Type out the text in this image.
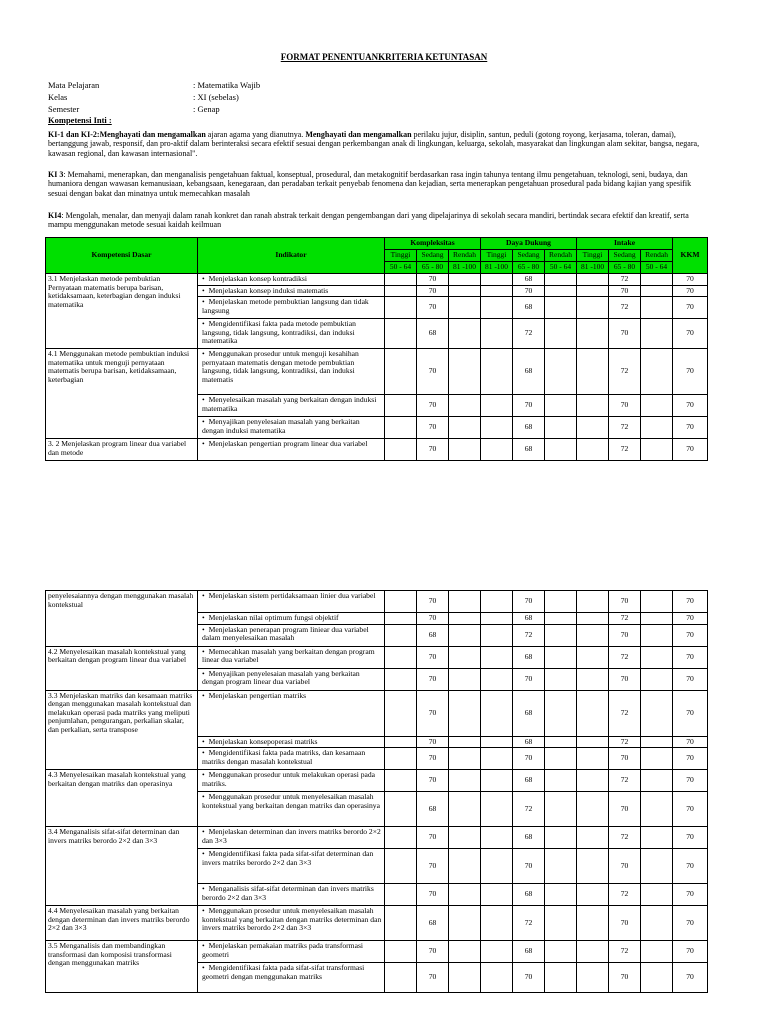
FORMAT PENENTUANKRITERIA KETUNTASAN
Mata Pelajaran	: Matematika Wajib
Kelas	: XI (sebelas)
Semester	: Genap
Kompetensi Inti :
KI-1 dan KI-2:Menghayati dan mengamalkan ajaran agama yang dianutnya. Menghayati dan mengamalkan perilaku jujur, disiplin, santun, peduli (gotong royong, kerjasama, toleran, damai), bertanggung jawab, responsif, dan pro-aktif dalam berinteraksi secara efektif sesuai dengan perkembangan anak di lingkungan, keluarga, sekolah, masyarakat dan lingkungan alam sekitar, bangsa, negara, kawasan regional, dan kawasan internasional".
KI 3: Memahami, menerapkan, dan menganalisis pengetahuan faktual, konseptual, prosedural, dan metakognitif berdasarkan rasa ingin tahunya tentang ilmu pengetahuan, teknologi, seni, budaya, dan humaniora dengan wawasan kemanusiaan, kebangsaan, kenegaraan, dan peradaban terkait penyebab fenomena dan kejadian, serta menerapkan pengetahuan prosedural pada bidang kajian yang spesifik sesuai dengan bakat dan minatnya untuk memecahkan masalah
KI4: Mengolah, menalar, dan menyaji dalam ranah konkret dan ranah abstrak terkait dengan pengembangan dari yang dipelajarinya di sekolah secara mandiri, bertindak secara efektif dan kreatif, serta mampu menggunakan metode sesuai kaidah keilmuan
Kompetensi Dasar	Indikator	Kompleksitas			Daya Dukung			Intake			KKM
		Tinggi	Sedang	Rendah	Tinggi	Sedang	Rendah	Tinggi	Sedang	Rendah	
		50 - 64	65 - 80	81 -100	81 -100	65 - 80	50 - 64	81 -100	65 - 80	50 - 64	
3.1 Menjelaskan metode pembuktian Pernyataan matematis berupa barisan, ketidaksamaan, keterbagian dengan induksi matematika	• Menjelaskan konsep kontradiksi		70			68			72		70
	• Menjelaskan konsep induksi matematis		70			70			70		70
	• Menjelaskan metode pembuktian langsung dan tidak langsung		70			68			72		70
	• Mengidentifikasi fakta pada metode pembuktian langsung, tidak langsung, kontradiksi, dan induksi matematika		68			72			70		70
4.1 Menggunakan metode pembuktian induksi matematika untuk menguji pernyataan matematis berupa barisan, ketidaksamaan, keterbagian	• Menggunakan prosedur untuk menguji kesahihan pernyataan matematis dengan metode pembuktian langsung, tidak langsung, kontradiksi, dan induksi matematis		70			68			72		70
	• Menyelesaikan masalah yang berkaitan dengan induksi matematika		70			70			70		70
	• Menyajikan penyelesaian masalah yang berkaitan dengan induksi matematika		70			68			72		70
3. 2 Menjelaskan program linear dua variabel dan metode	• Menjelaskan pengertian program linear dua variabel		70			68			72		70
penyelesaiannya dengan menggunakan masalah kontekstual	• Menjelaskan sistem pertidaksamaan linier dua variabel		70			70			70		70
	• Menjelaskan nilai optimum fungsi objektif		70			68			72		70
	• Menjelaskan penerapan program liniear dua variabel dalam menyelesaikan masalah		68			72			70		70
4.2 Menyelesaikan masalah kontekstual yang berkaitan dengan program linear dua variabel	• Memecahkan masalah yang berkaitan dengan program linear dua variabel		70			68			72		70
	• Menyajikan penyelesaian masalah yang berkaitan dengan program linear dua variabel		70			70			70		70
3.3 Menjelaskan matriks dan kesamaan matriks dengan menggunakan masalah kontekstual dan melakukan operasi pada matriks yang meliputi penjumlahan, pengurangan, perkalian skalar, dan perkalian, serta transpose	• Menjelaskan pengertian matriks		70			68			72		70
	• Menjelaskan konsepoperasi matriks		70			68			72		70
	• Mengidentifikasi fakta pada matriks, dan kesamaan matriks dengan masalah kontekstual		70			70			70		70
4.3 Menyelesaikan masalah kontekstual yang berkaitan dengan matriks dan operasinya	• Menggunakan prosedur untuk melakukan operasi pada matriks.		70			68			72		70
	• Menggunakan prosedur untuk menyelesaikan masalah kontekstual yang berkaitan dengan matriks dan operasinya		68			72			70		70
3.4 Menganalisis sifat-sifat determinan dan invers matriks berordo 2×2 dan 3×3	• Menjelaskan determinan dan invers matriks berordo 2×2 dan 3×3		70			68			72		70
	• Mengidentifikasi fakta pada sifat-sifat determinan dan invers matriks berordo 2×2 dan 3×3		70			70			70		70
	• Menganalisis sifat-sifat determinan dan invers matriks berordo 2×2 dan 3×3		70			68			72		70
4.4 Menyelesaikan masalah yang berkaitan dengan determinan dan invers matriks berordo 2×2 dan 3×3	• Menggunakan prosedur untuk menyelesaikan masalah kontekstual yang berkaitan dengan matriks determinan dan invers matriks berordo 2×2 dan 3×3		68			72			70		70
3.5 Menganalisis dan membandingkan transformasi dan komposisi transformasi dengan menggunakan matriks	• Menjelaskan pemakaian matriks pada transformasi geometri		70			68			72		70
	• Mengidentifikasi fakta pada sifat-sifat transformasi geometri dengan menggunakan matriks		70			70			70		70
